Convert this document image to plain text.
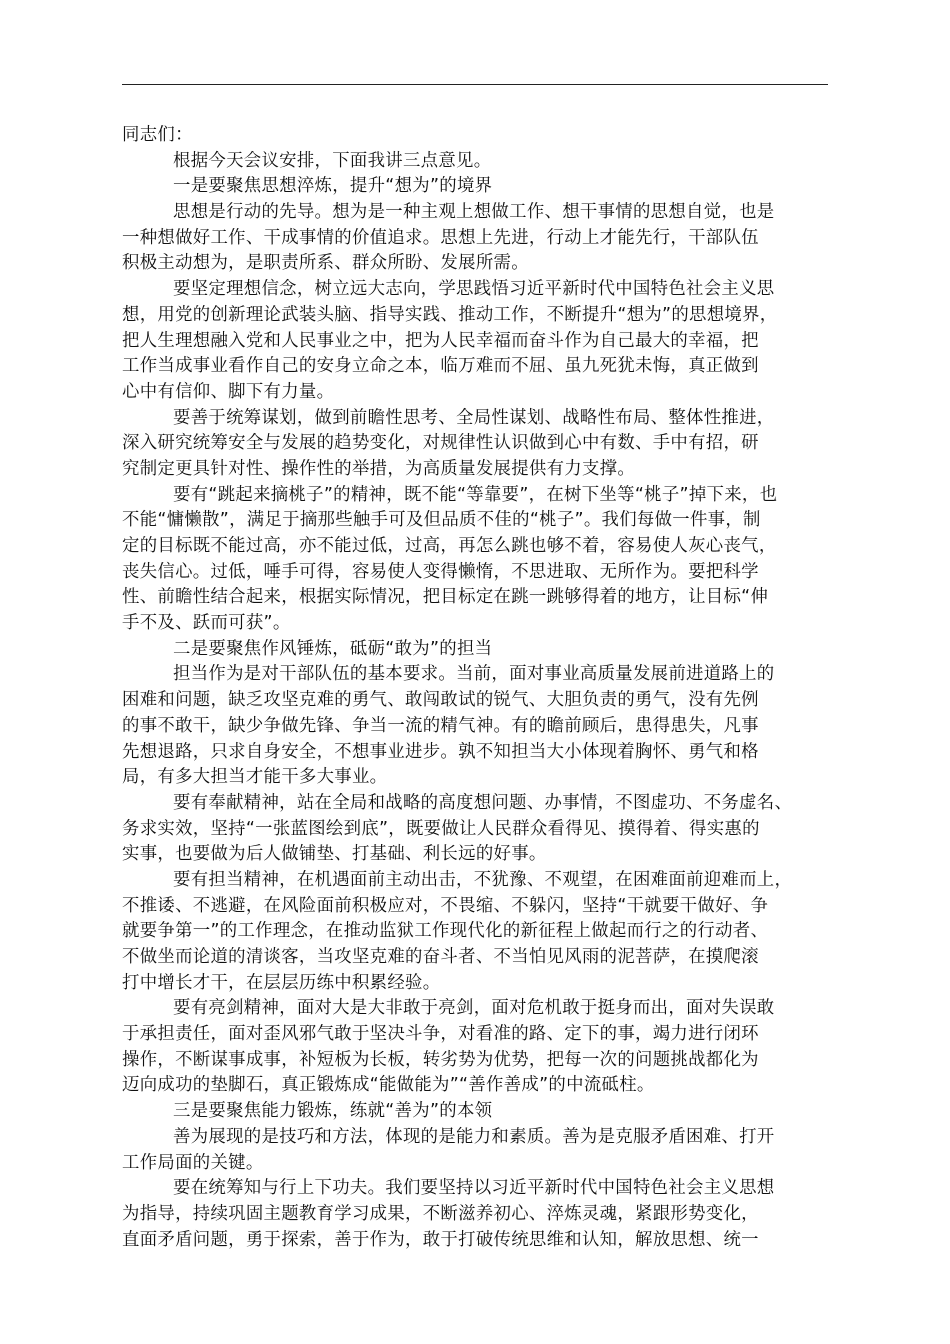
同志们：
根据今天会议安排，下面我讲三点意见。
一是要聚焦思想淬炼，提升“想为”的境界
思想是行动的先导。想为是一种主观上想做工作、想干事情的思想自觉，也是
一种想做好工作、干成事情的价值追求。思想上先进，行动上才能先行，干部队伍
积极主动想为，是职责所系、群众所盼、发展所需。
要坚定理想信念，树立远大志向，学思践悟习近平新时代中国特色社会主义思
想，用党的创新理论武装头脑、指导实践、推动工作，不断提升“想为”的思想境界，
把人生理想融入党和人民事业之中，把为人民幸福而奋斗作为自己最大的幸福，把
工作当成事业看作自己的安身立命之本，临万难而不屈、虽九死犹未悔，真正做到
心中有信仰、脚下有力量。
要善于统筹谋划，做到前瞻性思考、全局性谋划、战略性布局、整体性推进，
深入研究统筹安全与发展的趋势变化，对规律性认识做到心中有数、手中有招，研
究制定更具针对性、操作性的举措，为高质量发展提供有力支撑。
要有“跳起来摘桃子”的精神，既不能“等靠要”，在树下坐等“桃子”掉下来，也
不能“慵懒散”，满足于摘那些触手可及但品质不佳的“桃子”。我们每做一件事，制
定的目标既不能过高，亦不能过低，过高，再怎么跳也够不着，容易使人灰心丧气，
丧失信心。过低，唾手可得，容易使人变得懒惰，不思进取、无所作为。要把科学
性、前瞻性结合起来，根据实际情况，把目标定在跳一跳够得着的地方，让目标“伸
手不及、跃而可获”。
二是要聚焦作风锤炼，砥砺“敢为”的担当
担当作为是对干部队伍的基本要求。当前，面对事业高质量发展前进道路上的
困难和问题，缺乏攻坚克难的勇气、敢闯敢试的锐气、大胆负责的勇气，没有先例
的事不敢干，缺少争做先锋、争当一流的精气神。有的瞻前顾后，患得患失，凡事
先想退路，只求自身安全，不想事业进步。孰不知担当大小体现着胸怀、勇气和格
局，有多大担当才能干多大事业。
要有奉献精神，站在全局和战略的高度想问题、办事情，不图虚功、不务虚名、
务求实效，坚持“一张蓝图绘到底”，既要做让人民群众看得见、摸得着、得实惠的
实事，也要做为后人做铺垫、打基础、利长远的好事。
要有担当精神，在机遇面前主动出击，不犹豫、不观望，在困难面前迎难而上，
不推诿、不逃避，在风险面前积极应对，不畏缩、不躲闪，坚持“干就要干做好、争
就要争第一”的工作理念，在推动监狱工作现代化的新征程上做起而行之的行动者、
不做坐而论道的清谈客，当攻坚克难的奋斗者、不当怕见风雨的泥菩萨，在摸爬滚
打中增长才干，在层层历练中积累经验。
要有亮剑精神，面对大是大非敢于亮剑，面对危机敢于挺身而出，面对失误敢
于承担责任，面对歪风邪气敢于坚决斗争，对看准的路、定下的事，竭力进行闭环
操作，不断谋事成事，补短板为长板，转劣势为优势，把每一次的问题挑战都化为
迈向成功的垫脚石，真正锻炼成“能做能为”“善作善成”的中流砥柱。
三是要聚焦能力锻炼，练就“善为”的本领
善为展现的是技巧和方法，体现的是能力和素质。善为是克服矛盾困难、打开
工作局面的关键。
要在统筹知与行上下功夫。我们要坚持以习近平新时代中国特色社会主义思想
为指导，持续巩固主题教育学习成果，不断滋养初心、淬炼灵魂，紧跟形势变化，
直面矛盾问题，勇于探索，善于作为，敢于打破传统思维和认知，解放思想、统一
